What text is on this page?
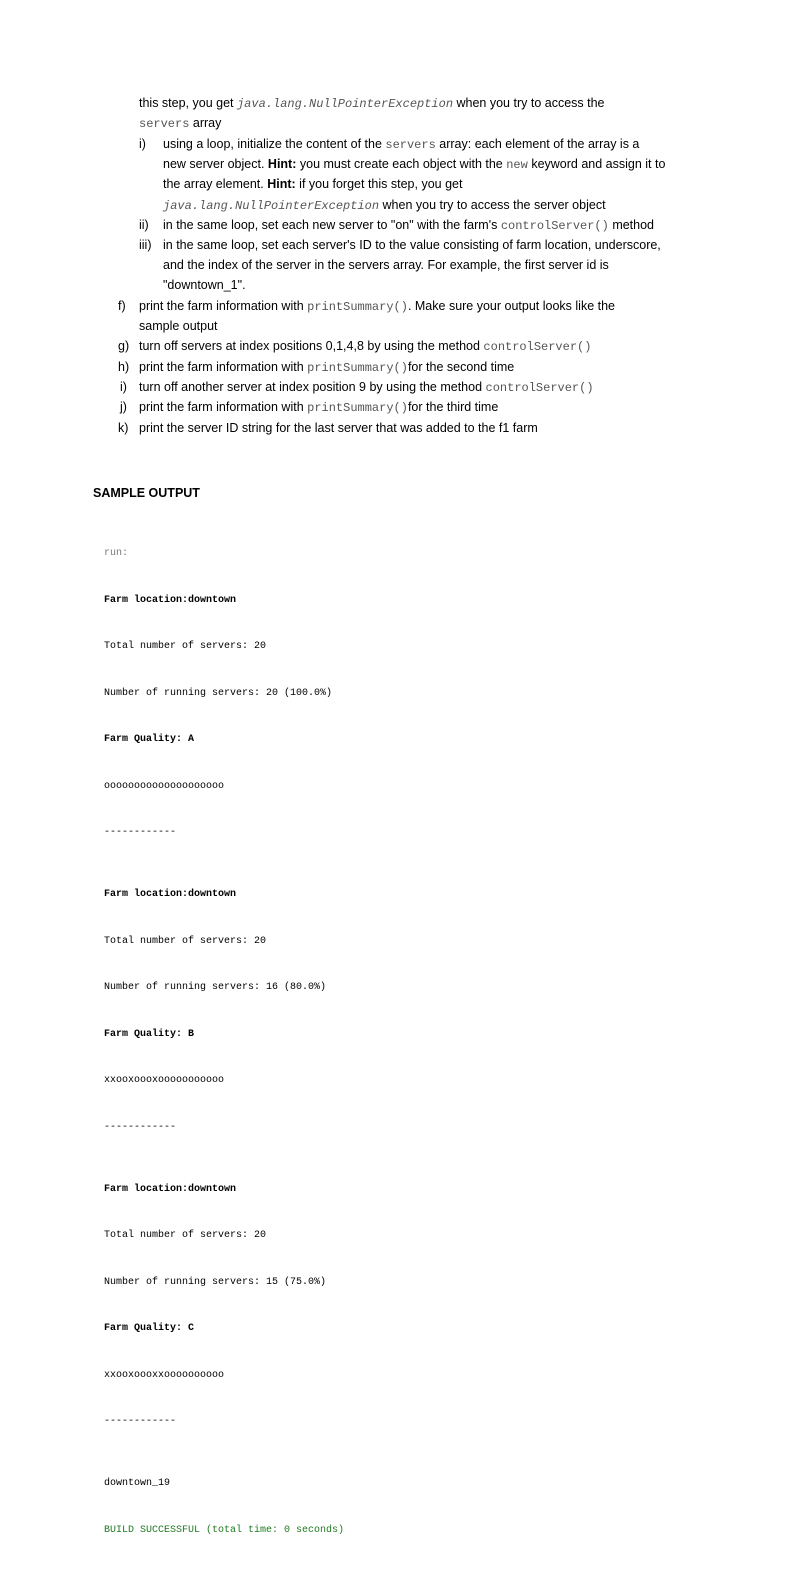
this step, you get java.lang.NullPointerException when you try to access the
servers array
i) using a loop, initialize the content of the servers array: each element of the array is a
new server object. Hint: you must create each object with the new keyword and assign it to
the array element. Hint: if you forget this step, you get
java.lang.NullPointerException when you try to access the server object
ii) in the same loop, set each new server to "on" with the farm's controlServer() method
iii) in the same loop, set each server's ID to the value consisting of farm location, underscore,
and the index of the server in the servers array. For example, the first server id is
"downtown_1".
f) print the farm information with printSummary(). Make sure your output looks like the
sample output
g) turn off servers at index positions 0,1,4,8 by using the method controlServer()
h) print the farm information with printSummary()for the second time
i) turn off another server at index position 9 by using the method controlServer()
j) print the farm information with printSummary()for the third time
k) print the server ID string for the last server that was added to the f1 farm
SAMPLE OUTPUT

run:

Farm location:downtown

Total number of servers: 20

Number of running servers: 20 (100.0%)

Farm Quality: A

oooooooooooooooooooo

------------

Farm location:downtown

Total number of servers: 20

Number of running servers: 16 (80.0%)

Farm Quality: B

xxooxoooxooooooooooo

------------

Farm location:downtown

Total number of servers: 20

Number of running servers: 15 (75.0%)

Farm Quality: C

xxooxoooxxoooooooooo

------------

downtown_19

BUILD SUCCESSFUL (total time: 0 seconds)
